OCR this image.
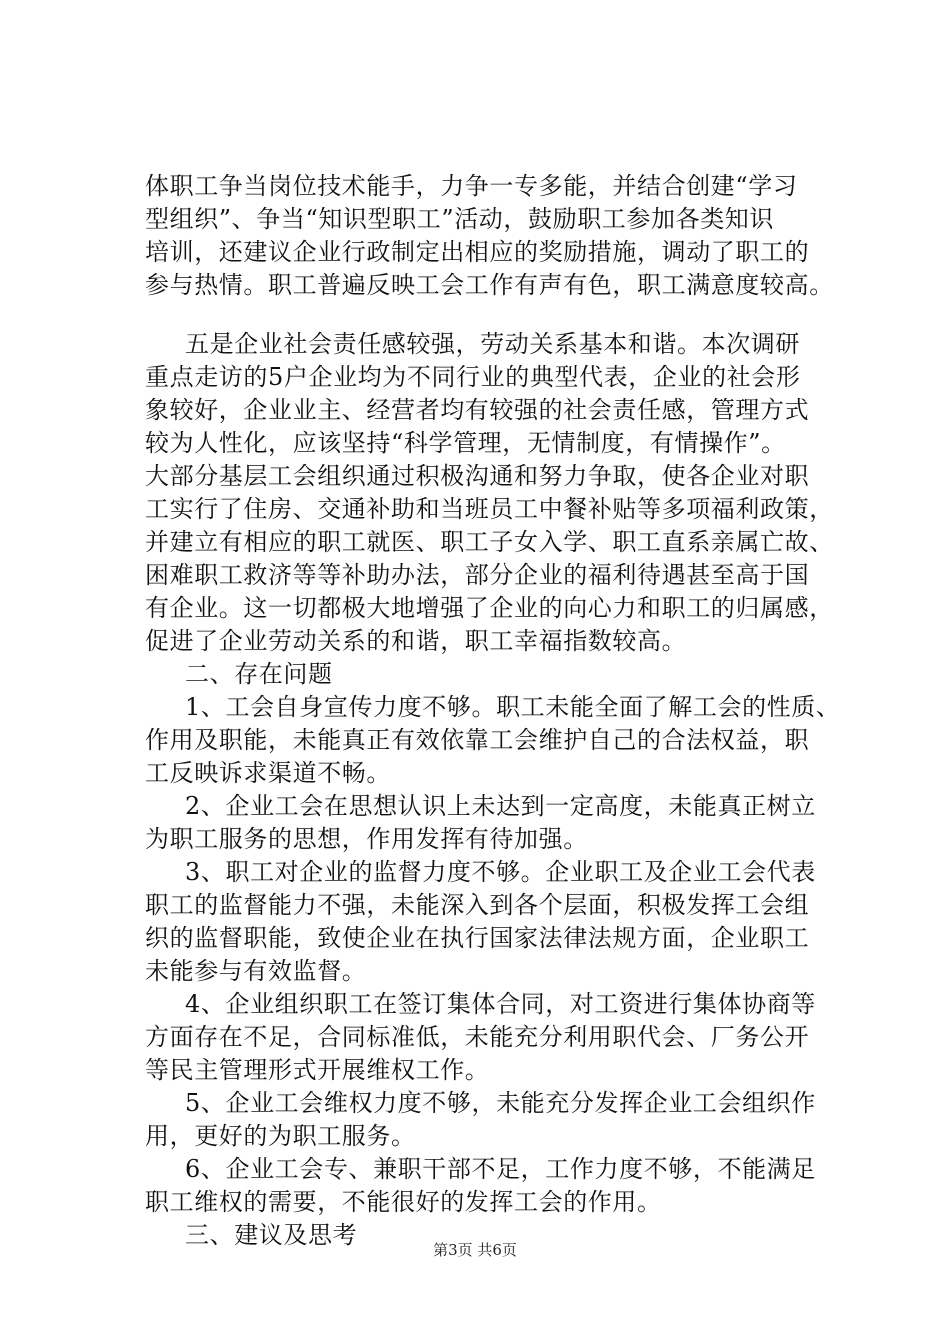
体职工争当岗位技术能手，力争一专多能，并结合创建“学习
型组织”、争当“知识型职工”活动，鼓励职工参加各类知识
培训，还建议企业行政制定出相应的奖励措施，调动了职工的
参与热情。职工普遍反映工会工作有声有色，职工满意度较高。
五是企业社会责任感较强，劳动关系基本和谐。本次调研
重点走访的5户企业均为不同行业的典型代表，企业的社会形
象较好，企业业主、经营者均有较强的社会责任感，管理方式
较为人性化，应该坚持“科学管理，无情制度，有情操作”。
大部分基层工会组织通过积极沟通和努力争取，使各企业对职
工实行了住房、交通补助和当班员工中餐补贴等多项福利政策，
并建立有相应的职工就医、职工子女入学、职工直系亲属亡故、
困难职工救济等等补助办法，部分企业的福利待遇甚至高于国
有企业。这一切都极大地增强了企业的向心力和职工的归属感，
促进了企业劳动关系的和谐，职工幸福指数较高。
二、存在问题
1、工会自身宣传力度不够。职工未能全面了解工会的性质、
作用及职能，未能真正有效依靠工会维护自己的合法权益，职
工反映诉求渠道不畅。
2、企业工会在思想认识上未达到一定高度，未能真正树立
为职工服务的思想，作用发挥有待加强。
3、职工对企业的监督力度不够。企业职工及企业工会代表
职工的监督能力不强，未能深入到各个层面，积极发挥工会组
织的监督职能，致使企业在执行国家法律法规方面，企业职工
未能参与有效监督。
4、企业组织职工在签订集体合同，对工资进行集体协商等
方面存在不足，合同标准低，未能充分利用职代会、厂务公开
等民主管理形式开展维权工作。
5、企业工会维权力度不够，未能充分发挥企业工会组织作
用，更好的为职工服务。
6、企业工会专、兼职干部不足，工作力度不够，不能满足
职工维权的需要，不能很好的发挥工会的作用。
三、建议及思考
第3页 共6页
